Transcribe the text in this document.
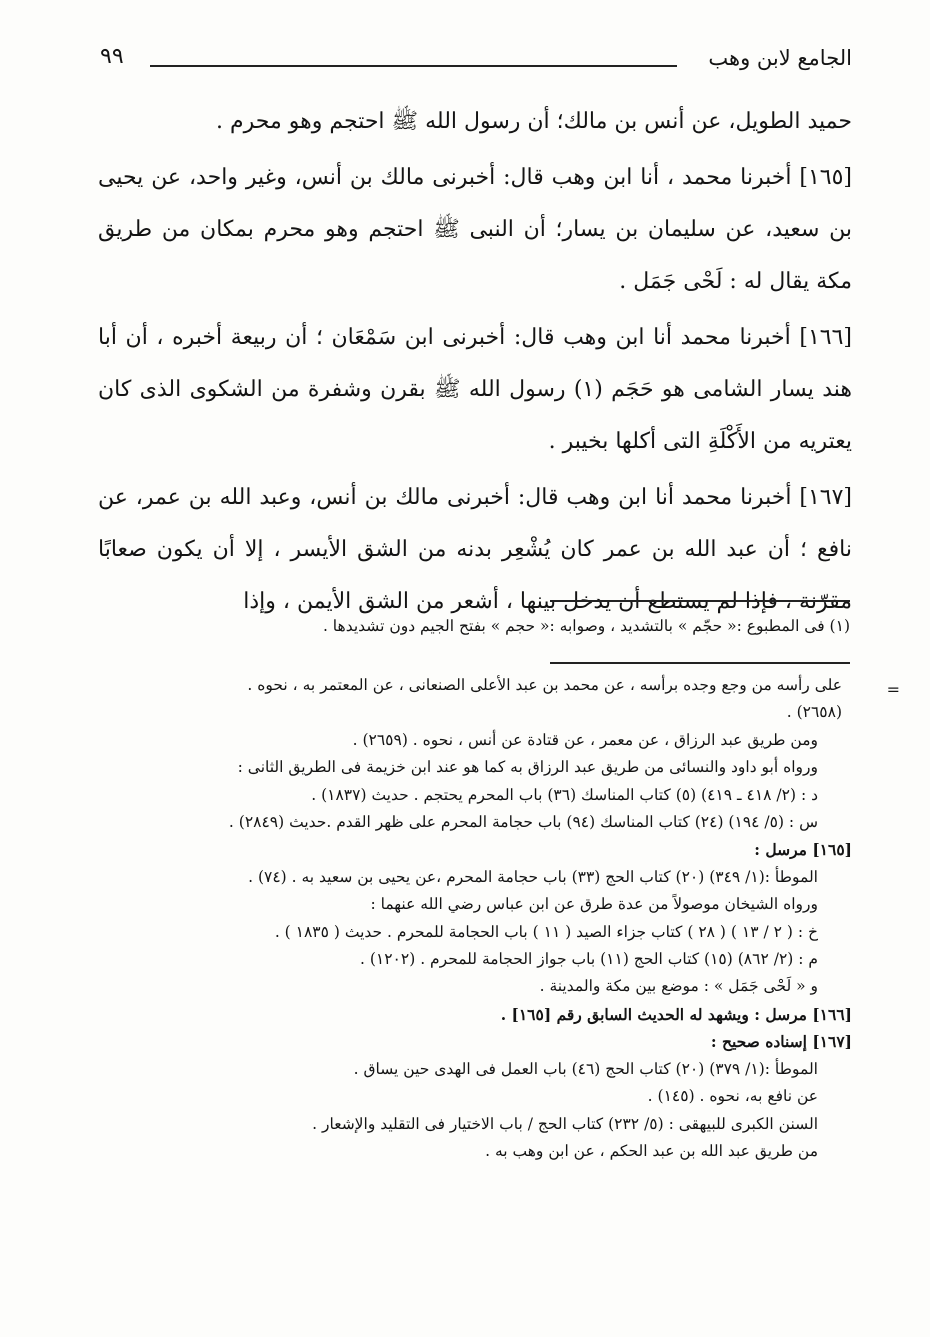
الجامع لابن وهب
٩٩

حميد الطويل، عن أنس بن مالك؛ أن رسول الله ﷺ احتجم وهو محرم .

[١٦٥] أخبرنا محمد ، أنا ابن وهب قال: أخبرنى مالك بن أنس، وغير واحد، عن يحيى بن سعيد، عن سليمان بن يسار؛ أن النبى ﷺ احتجم وهو محرم بمكان من طريق مكة يقال له : لَحْى جَمَل .

[١٦٦] أخبرنا محمد أنا ابن وهب قال: أخبرنى ابن سَمْعَان ؛ أن ربيعة أخبره ، أن أبا هند يسار الشامى هو حَجَم (١) رسول الله ﷺ بقرن وشفرة من الشكوى الذى كان يعتريه من الأَكْلَةِ التى أكلها بخيبر .

[١٦٧] أخبرنا محمد أنا ابن وهب قال: أخبرنى مالك بن أنس، وعبد الله بن عمر، عن نافع ؛ أن عبد الله بن عمر كان يُشْعِر بدنه من الشق الأيسر ، إلا أن يكون صعابًا مقرّنة ، فإذا لم يستطع أن يدخل بينها ، أشعر من الشق الأيمن ، وإذا

(١) فى المطبوع :« حجّم » بالتشديد ، وصوابه :« حجم » بفتح الجيم دون تشديدها .
=
على رأسه من وجع وجده برأسه ، عن محمد بن عبد الأعلى الصنعانى ، عن المعتمر به ، نحوه .
(٢٦٥٨) .
ومن طريق عبد الرزاق ، عن معمر ، عن قتادة عن أنس ، نحوه . (٢٦٥٩) .
ورواه أبو داود والنسائى من طريق عبد الرزاق به كما هو عند ابن خزيمة فى الطريق الثانى :
د : (٢/ ٤١٨ ـ ٤١٩) (٥) كتاب المناسك (٣٦) باب المحرم يحتجم . حديث (١٨٣٧) .
س : (٥/ ١٩٤) (٢٤) كتاب المناسك (٩٤) باب حجامة المحرم على ظهر القدم .حديث (٢٨٤٩) .
[١٦٥] مرسل :
الموطأ :(١/ ٣٤٩) (٢٠) كتاب الحج (٣٣) باب حجامة المحرم ،عن يحيى بن سعيد به . (٧٤) .
ورواه الشيخان موصولاً من عدة طرق عن ابن عباس رضي الله عنهما :
خ : ( ٢ / ١٣ ) ( ٢٨ ) كتاب جزاء الصيد ( ١١ ) باب الحجامة للمحرم . حديث ( ١٨٣٥ ) .
م : (٢/ ٨٦٢) (١٥) كتاب الحج (١١) باب جواز الحجامة للمحرم . (١٢٠٢) .
و « لَحْى جَمَل » : موضع بين مكة والمدينة .
[١٦٦] مرسل : ويشهد له الحديث السابق رقم [١٦٥] .
[١٦٧] إسناده صحيح :
الموطأ :(١/ ٣٧٩) (٢٠) كتاب الحج (٤٦) باب العمل فى الهدى حين يساق .
عن نافع به، نحوه . (١٤٥) .
السنن الكبرى للبيهقى : (٥/ ٢٣٢) كتاب الحج / باب الاختيار فى التقليد والإشعار .
من طريق عبد الله بن عبد الحكم ، عن ابن وهب به .
